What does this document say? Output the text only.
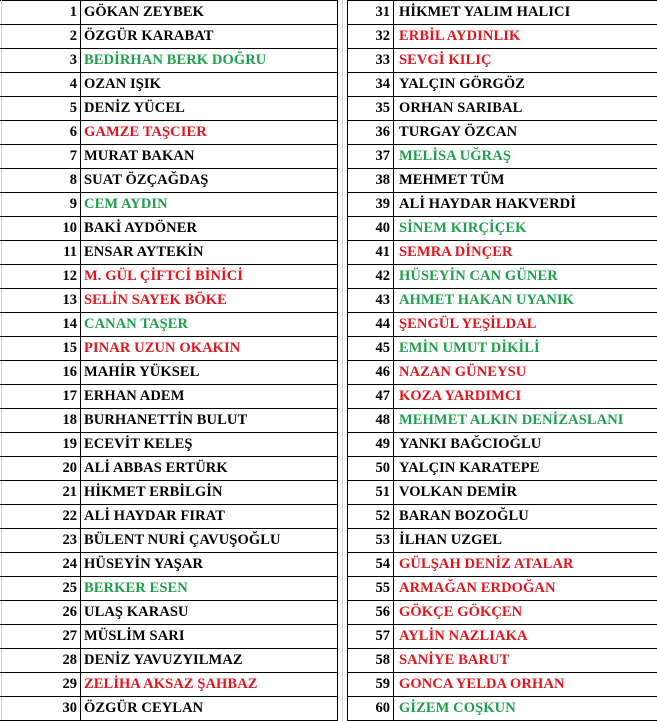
1 GÖKAN ZEYBEK
2 ÖZGÜR KARABAT
3 BEDİRHAN BERK DOĞRU
4 OZAN IŞIK
5 DENİZ YÜCEL
6 GAMZE TAŞCIER
7 MURAT BAKAN
8 SUAT ÖZÇAĞDAŞ
9 CEM AYDIN
10 BAKİ AYDÖNER
11 ENSAR AYTEKİN
12 M. GÜL ÇİFTCİ BİNİCİ
13 SELİN SAYEK BÖKE
14 CANAN TAŞER
15 PINAR UZUN OKAKIN
16 MAHİR YÜKSEL
17 ERHAN ADEM
18 BURHANETTİN BULUT
19 ECEVİT KELEŞ
20 ALİ ABBAS ERTÜRK
21 HİKMET ERBİLGİN
22 ALİ HAYDAR FIRAT
23 BÜLENT NURİ ÇAVUŞOĞLU
24 HÜSEYİN YAŞAR
25 BERKER ESEN
26 ULAŞ KARASU
27 MÜSLİM SARI
28 DENİZ YAVUZYILMAZ
29 ZELİHA AKSAZ ŞAHBAZ
30 ÖZGÜR CEYLAN
31 HİKMET YALIM HALICI
32 ERBİL AYDINLIK
33 SEVGİ KILIÇ
34 YALÇIN GÖRGÖZ
35 ORHAN SARIBAL
36 TURGAY ÖZCAN
37 MELİSA UĞRAŞ
38 MEHMET TÜM
39 ALİ HAYDAR HAKVERDİ
40 SİNEM KIRÇİÇEK
41 SEMRA DİNÇER
42 HÜSEYİN CAN GÜNER
43 AHMET HAKAN UYANIK
44 ŞENGÜL YEŞİLDAL
45 EMİN UMUT DİKİLİ
46 NAZAN GÜNEYSU
47 KOZA YARDIMCI
48 MEHMET ALKIN DENİZASLANI
49 YANKI BAĞCIOĞLU
50 YALÇIN KARATEPE
51 VOLKAN DEMİR
52 BARAN BOZOĞLU
53 İLHAN UZGEL
54 GÜLŞAH DENİZ ATALAR
55 ARMAĞAN ERDOĞAN
56 GÖKÇE GÖKÇEN
57 AYLİN NAZLIAKA
58 SANİYE BARUT
59 GONCA YELDA ORHAN
60 GİZEM COŞKUN
